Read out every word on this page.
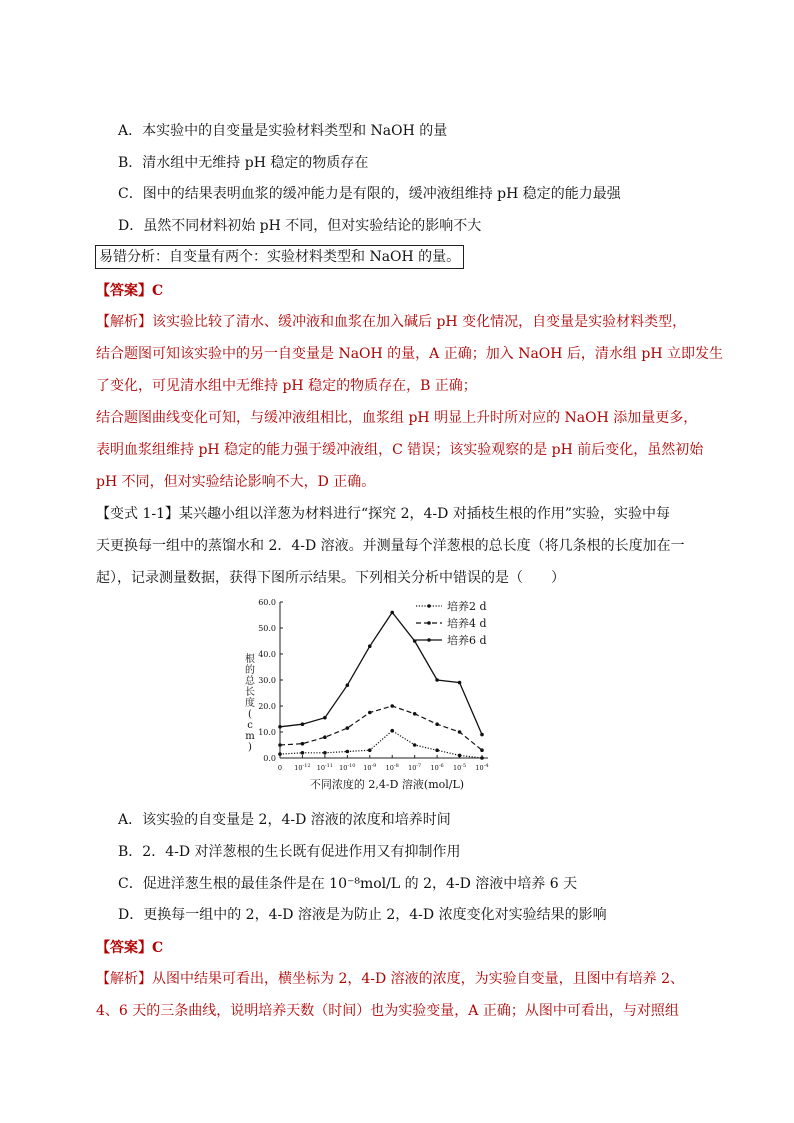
A．本实验中的自变量是实验材料类型和 NaOH 的量
B．清水组中无维持 pH 稳定的物质存在
C．图中的结果表明血浆的缓冲能力是有限的，缓冲液组维持 pH 稳定的能力最强
D．虽然不同材料初始 pH 不同，但对实验结论的影响不大
易错分析：自变量有两个：实验材料类型和 NaOH 的量。
【答案】C
【解析】该实验比较了清水、缓冲液和血浆在加入碱后 pH 变化情况，自变量是实验材料类型，
结合题图可知该实验中的另一自变量是 NaOH 的量，A 正确；加入 NaOH 后，清水组 pH 立即发生
了变化，可见清水组中无维持 pH 稳定的物质存在，B 正确；
结合题图曲线变化可知，与缓冲液组相比，血浆组 pH 明显上升时所对应的 NaOH 添加量更多，
表明血浆组维持 pH 稳定的能力强于缓冲液组，C 错误；该实验观察的是 pH 前后变化，虽然初始
pH 不同，但对实验结论影响不大，D 正确。
【变式 1-1】某兴趣小组以洋葱为材料进行“探究 2，4-D 对插枝生根的作用”实验，实验中每
天更换每一组中的蒸馏水和 2．4-D 溶液。并测量每个洋葱根的总长度（将几条根的长度加在一
起），记录测量数据，获得下图所示结果。下列相关分析中错误的是（　　）
0.0
10.0
20.0
30.0
40.0
50.0
60.0
0 $10^{-12}$ $10^{-11}$ $10^{-10}$ $10^{-9}$ $10^{-8}$ $10^{-7}$ $10^{-6}$ $10^{-5}$ $10^{-4}$
不同浓度的 2,4-D 溶液(mol/L)
根的总长度( c m )
培养2 d
培养4 d
培养6 d
A．该实验的自变量是 2，4-D 溶液的浓度和培养时间
B．2．4-D 对洋葱根的生长既有促进作用又有抑制作用
C．促进洋葱生根的最佳条件是在 10⁻⁸mol/L 的 2，4-D 溶液中培养 6 天
D．更换每一组中的 2，4-D 溶液是为防止 2，4-D 浓度变化对实验结果的影响
【答案】C
【解析】从图中结果可看出，横坐标为 2，4-D 溶液的浓度，为实验自变量，且图中有培养 2、
4、6 天的三条曲线，说明培养天数（时间）也为实验变量，A 正确；从图中可看出，与对照组
